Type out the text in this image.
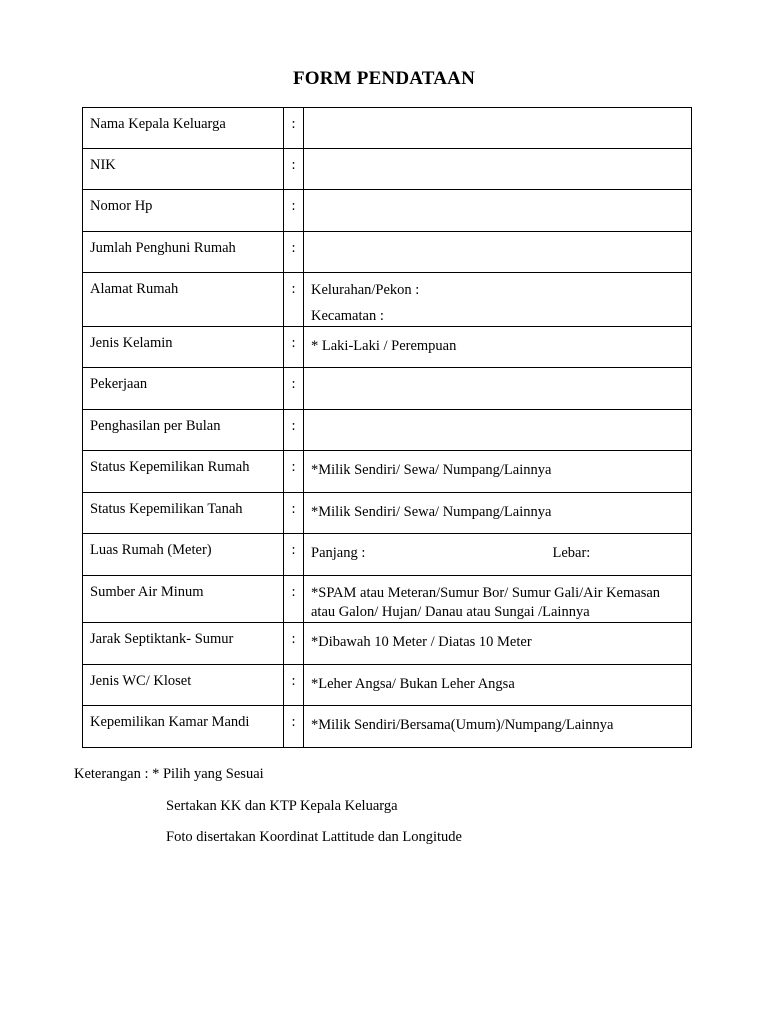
FORM PENDATAAN
Nama Kepala Keluarga	:	
NIK	:	
Nomor Hp	:	
Jumlah Penghuni Rumah	:	
Alamat Rumah	:	Kelurahan/Pekon :
Kecamatan :

Jenis Kelamin	:	* Laki-Laki / Perempuan
Pekerjaan	:	
Penghasilan per Bulan	:	
Status Kepemilikan Rumah	:	*Milik Sendiri/ Sewa/ Numpang/Lainnya
Status Kepemilikan Tanah	:	*Milik Sendiri/ Sewa/ Numpang/Lainnya
Luas Rumah (Meter)	:	Panjang : Lebar:

Sumber Air Minum	:	*SPAM atau Meteran/Sumur Bor/ Sumur Gali/Air Kemasan
atau Galon/ Hujan/ Danau atau Sungai /Lainnya

Jarak Septiktank- Sumur	:	*Dibawah 10 Meter / Diatas 10 Meter
Jenis WC/ Kloset	:	*Leher Angsa/ Bukan Leher Angsa
Kepemilikan Kamar Mandi	:	*Milik Sendiri/Bersama(Umum)/Numpang/Lainnya
Keterangan : * Pilih yang Sesuai
Sertakan KK dan KTP Kepala Keluarga
Foto disertakan Koordinat Lattitude dan Longitude
